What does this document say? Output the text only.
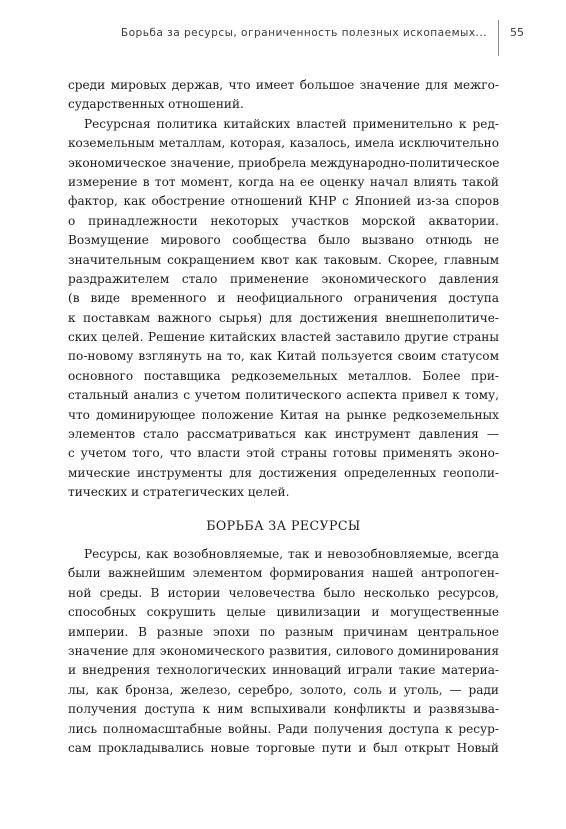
Борьба за ресурсы, ограниченность полезных ископаемых... 55
среди мировых держав, что имеет большое значение для межго-
сударственных отношений.
Ресурсная политика китайских властей применительно к ред-
коземельным металлам, которая, казалось, имела исключительно
экономическое значение, приобрела международно-политическое
измерение в тот момент, когда на ее оценку начал влиять такой
фактор, как обострение отношений КНР с Японией из-за споров
о принадлежности некоторых участков морской акватории.
Возмущение мирового сообщества было вызвано отнюдь не
значительным сокращением квот как таковым. Скорее, главным
раздражителем стало применение экономического давления
(в виде временного и неофициального ограничения доступа
к поставкам важного сырья) для достижения внешнеполитиче-
ских целей. Решение китайских властей заставило другие страны
по-новому взглянуть на то, как Китай пользуется своим статусом
основного поставщика редкоземельных металлов. Более при-
стальный анализ с учетом политического аспекта привел к тому,
что доминирующее положение Китая на рынке редкоземельных
элементов стало рассматриваться как инструмент давления —
с учетом того, что власти этой страны готовы применять эконо-
мические инструменты для достижения определенных геополи-
тических и стратегических целей.
БОРЬБА ЗА РЕСУРСЫ
Ресурсы, как возобновляемые, так и невозобновляемые, всегда
были важнейшим элементом формирования нашей антропоген-
ной среды. В истории человечества было несколько ресурсов,
способных сокрушить целые цивилизации и могущественные
империи. В разные эпохи по разным причинам центральное
значение для экономического развития, силового доминирования
и внедрения технологических инноваций играли такие материа-
лы, как бронза, железо, серебро, золото, соль и уголь, — ради
получения доступа к ним вспыхивали конфликты и развязыва-
лись полномасштабные войны. Ради получения доступа к ресур-
сам прокладывались новые торговые пути и был открыт Новый
